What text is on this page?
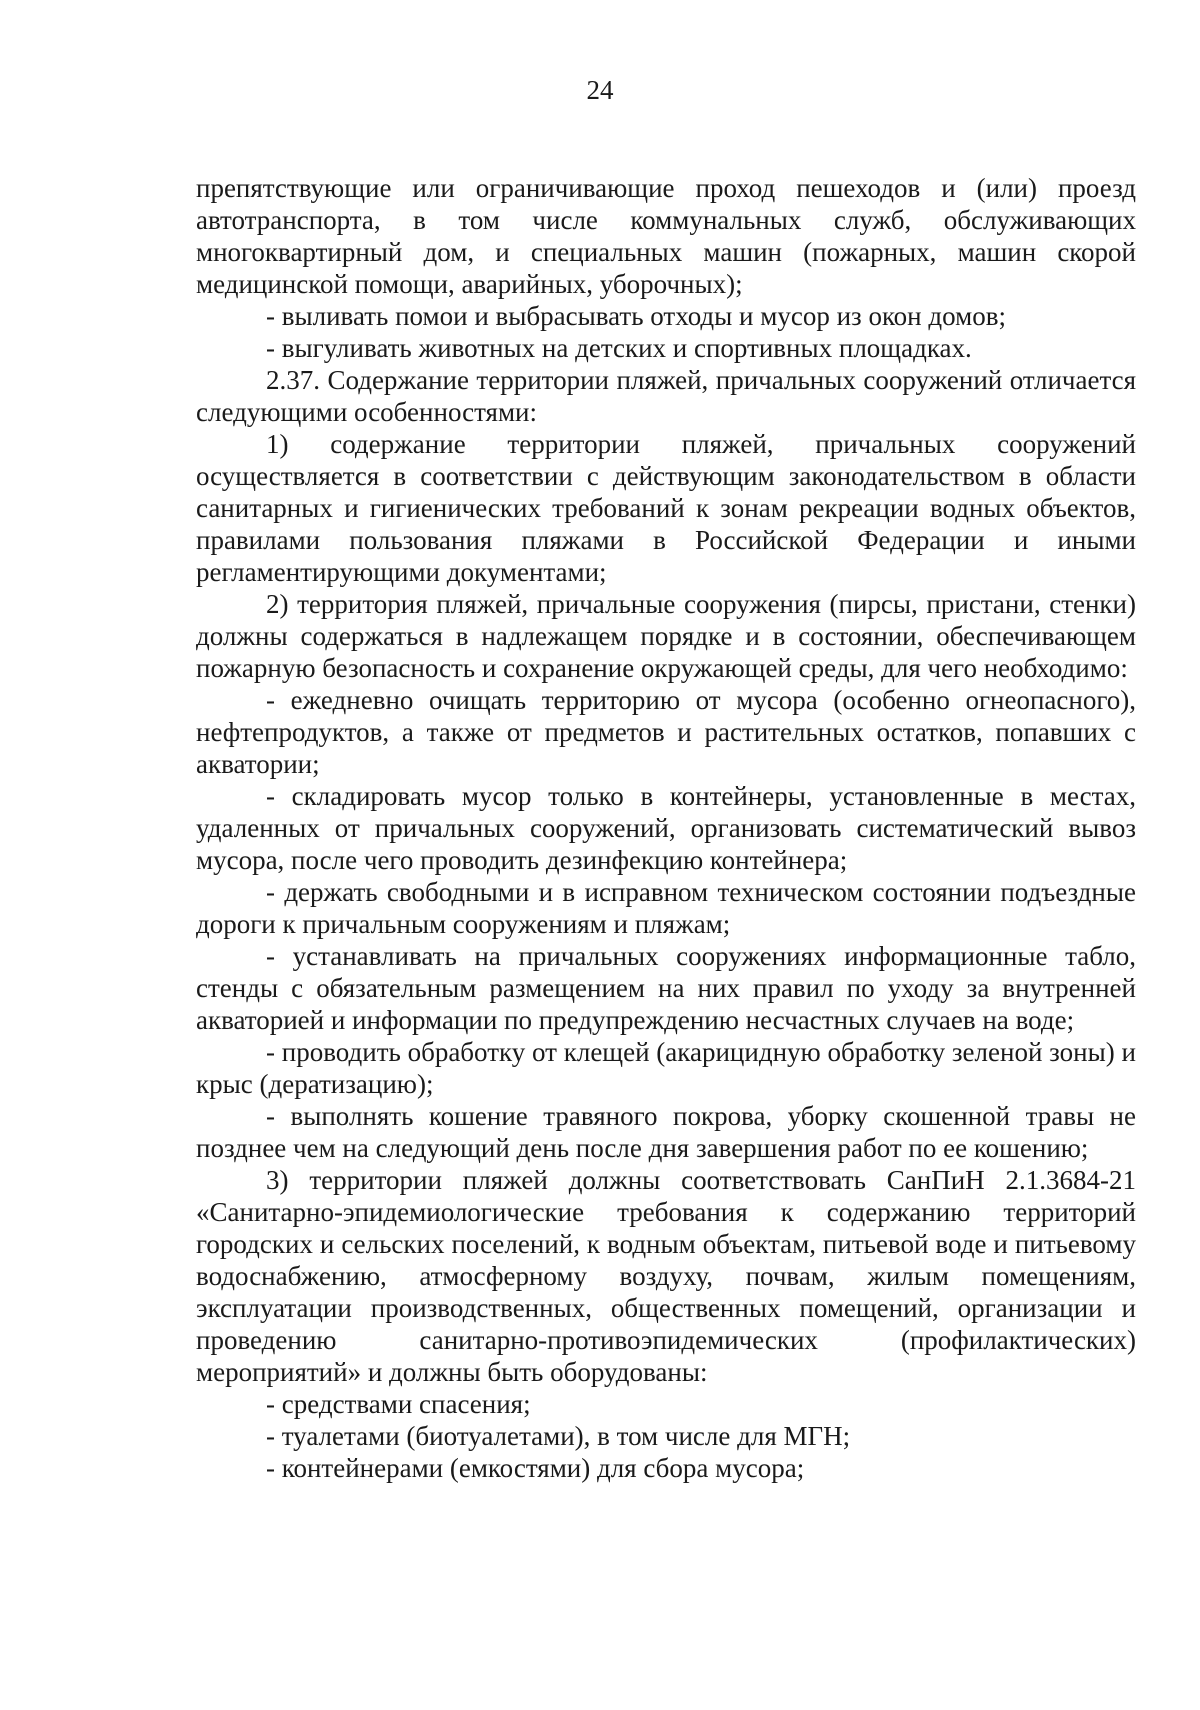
24

препятствующие или ограничивающие проход пешеходов и (или) проезд автотранспорта, в том числе коммунальных служб, обслуживающих многоквартирный дом, и специальных машин (пожарных, машин скорой медицинской помощи, аварийных, уборочных);

- выливать помои и выбрасывать отходы и мусор из окон домов;

- выгуливать животных на детских и спортивных площадках.

2.37. Содержание территории пляжей, причальных сооружений отличается следующими особенностями:

1) содержание территории пляжей, причальных сооружений осуществляется в соответствии с действующим законодательством в области санитарных и гигиенических требований к зонам рекреации водных объектов, правилами пользования пляжами в Российской Федерации и иными регламентирующими документами;

2) территория пляжей, причальные сооружения (пирсы, пристани, стенки) должны содержаться в надлежащем порядке и в состоянии, обеспечивающем пожарную безопасность и сохранение окружающей среды, для чего необходимо:

- ежедневно очищать территорию от мусора (особенно огнеопасного), нефтепродуктов, а также от предметов и растительных остатков, попавших с акватории;

- складировать мусор только в контейнеры, установленные в местах, удаленных от причальных сооружений, организовать систематический вывоз мусора, после чего проводить дезинфекцию контейнера;

- держать свободными и в исправном техническом состоянии подъездные дороги к причальным сооружениям и пляжам;

- устанавливать на причальных сооружениях информационные табло, стенды с обязательным размещением на них правил по уходу за внутренней акваторией и информации по предупреждению несчастных случаев на воде;

- проводить обработку от клещей (акарицидную обработку зеленой зоны) и крыс (дератизацию);

- выполнять кошение травяного покрова, уборку скошенной травы не позднее чем на следующий день после дня завершения работ по ее кошению;

3) территории пляжей должны соответствовать СанПиН 2.1.3684-21 «Санитарно-эпидемиологические требования к содержанию территорий городских и сельских поселений, к водным объектам, питьевой воде и питьевому водоснабжению, атмосферному воздуху, почвам, жилым помещениям, эксплуатации производственных, общественных помещений, организации и проведению санитарно-противоэпидемических (профилактических) мероприятий» и должны быть оборудованы:

- средствами спасения;

- туалетами (биотуалетами), в том числе для МГН;

- контейнерами (емкостями) для сбора мусора;
